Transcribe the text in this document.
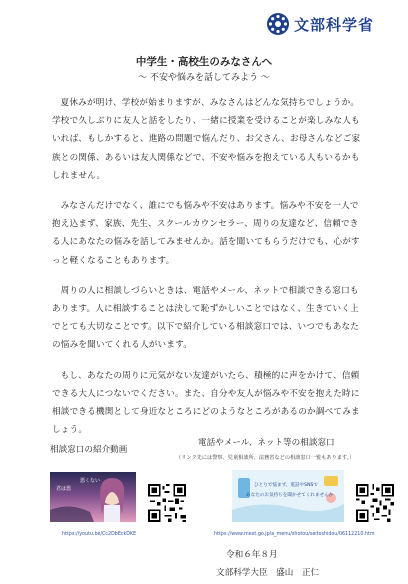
文部科学省
中学生・高校生のみなさんへ
～ 不安や悩みを話してみよう ～

夏休みが明け、学校が始まりますが、みなさんはどんな気持ちでしょうか。学校で久しぶりに友人と話をしたり、一緒に授業を受けることが楽しみな人もいれば、もしかすると、進路の問題で悩んだり、お父さん、お母さんなどご家族との関係、あるいは友人関係などで、不安や悩みを抱えている人もいるかもしれません。

みなさんだけでなく、誰にでも悩みや不安はあります。悩みや不安を一人で抱え込まず、家族、先生、スクールカウンセラー、周りの友達など、信頼できる人にあなたの悩みを話してみませんか。話を聞いてもらうだけでも、心がすっと軽くなることもあります。

周りの人に相談しづらいときは、電話やメール、ネットで相談できる窓口もあります。人に相談することは決して恥ずかしいことではなく、生きていく上でとても大切なことです。以下で紹介している相談窓口では、いつでもあなたの悩みを聞いてくれる人がいます。

もし、あなたの周りに元気がない友達がいたら、積極的に声をかけて、信頼できる大人につないでください。また、自分や友人が悩みや不安を抱えた時に相談できる機関として身近なところにどのようなところがあるのか調べてみましょう。

相談窓口の紹介動画
電話やメール、ネット等の相談窓口
（リンク先には警察、児童相談所、法務省などの相談窓口一覧もあります。）
君は悪
悪くない
ひとりで悩まず、電話やSNSで
あなたのお気持ちを聞かせてくれませんか
https://youtu.be/Cc2DbEckDKE	https://www.mext.go.jp/a_menu/shotou/seitoshidou/06112210.htm
令和６年８月
文部科学大臣　盛山　正仁
